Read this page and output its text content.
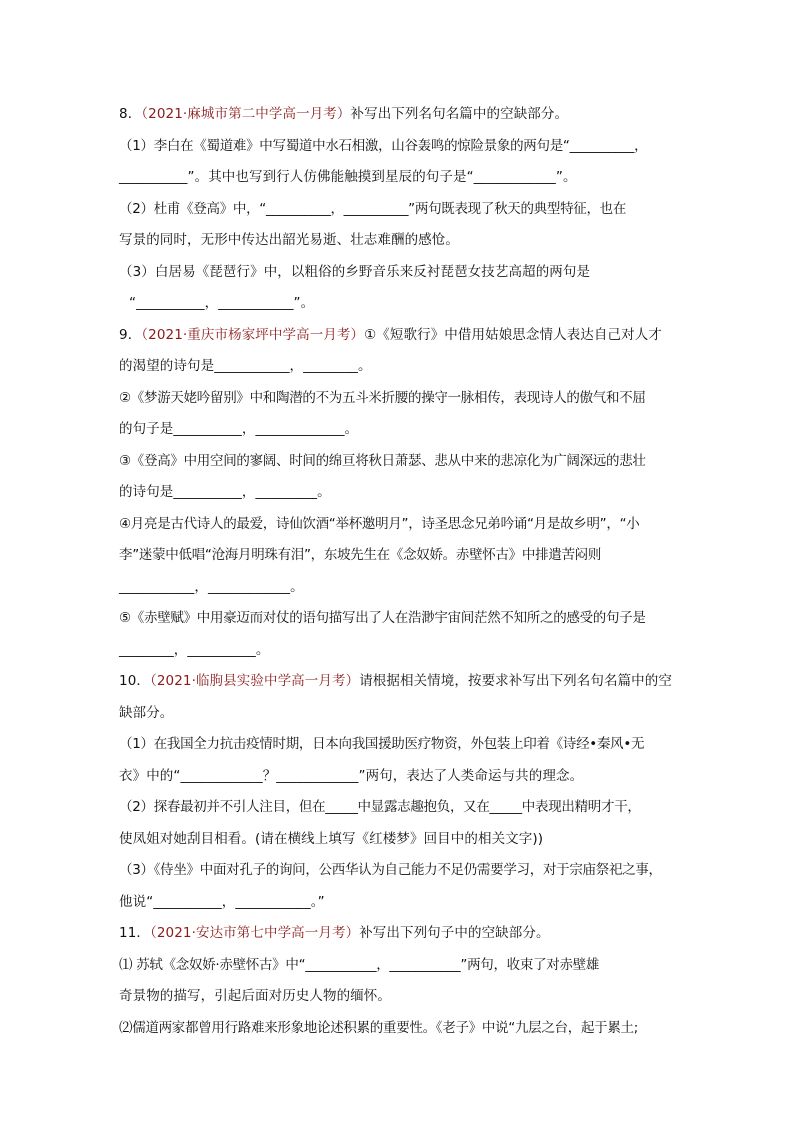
8．（2021·麻城市第二中学高一月考）补写出下列名句名篇中的空缺部分。
（1）李白在《蜀道难》中写蜀道中水石相激，山谷轰鸣的惊险景象的两句是“__________，
__________”。其中也写到行人仿佛能触摸到星辰的句子是“____________”。
（2）杜甫《登高》中，“__________，__________”两句既表现了秋天的典型特征，也在
写景的同时，无形中传达出韶光易逝、壮志难酬的感怆。
（3）白居易《琵琶行》中，以粗俗的乡野音乐来反衬琵琶女技艺高超的两句是
“__________，___________”。
9．（2021·重庆市杨家坪中学高一月考）①《短歌行》中借用姑娘思念情人表达自己对人才
的渴望的诗句是___________，________。
②《梦游天姥吟留别》中和陶潜的不为五斗米折腰的操守一脉相传，表现诗人的傲气和不屈
的句子是__________，_____________。
③《登高》中用空间的寥阔、时间的绵亘将秋日萧瑟、悲从中来的悲凉化为广阔深远的悲壮
的诗句是__________，_________。
④月亮是古代诗人的最爱，诗仙饮酒“举杯邀明月”，诗圣思念兄弟吟诵“月是故乡明”，“小
李”迷蒙中低唱“沧海月明珠有泪”，东坡先生在《念奴娇。赤壁怀古》中排遣苦闷则
___________，____________。
⑤《赤壁赋》中用豪迈而对仗的语句描写出了人在浩渺宇宙间茫然不知所之的感受的句子是
________，__________。
10．（2021·临朐县实验中学高一月考）请根据相关情境，按要求补写出下列名句名篇中的空
缺部分。
（1）在我国全力抗击疫情时期，日本向我国援助医疗物资，外包装上印着《诗经•秦风•无
衣》中的“____________？____________”两句，表达了人类命运与共的理念。
（2）探春最初并不引人注目，但在_____中显露志趣抱负，又在_____中表现出精明才干，
使凤姐对她刮目相看。(请在横线上填写《红楼梦》回目中的相关文字))
（3）《侍坐》中面对孔子的询问，公西华认为自己能力不足仍需要学习，对于宗庙祭祀之事，
他说“__________，___________。”
11．（2021·安达市第七中学高一月考）补写出下列句子中的空缺部分。
⑴ 苏轼《念奴娇·赤壁怀古》中“___________，___________”两句，收束了对赤壁雄
奇景物的描写，引起后面对历史人物的缅怀。
⑵儒道两家都曾用行路难来形象地论述积累的重要性。《老子》中说“九层之台，起于累土;
